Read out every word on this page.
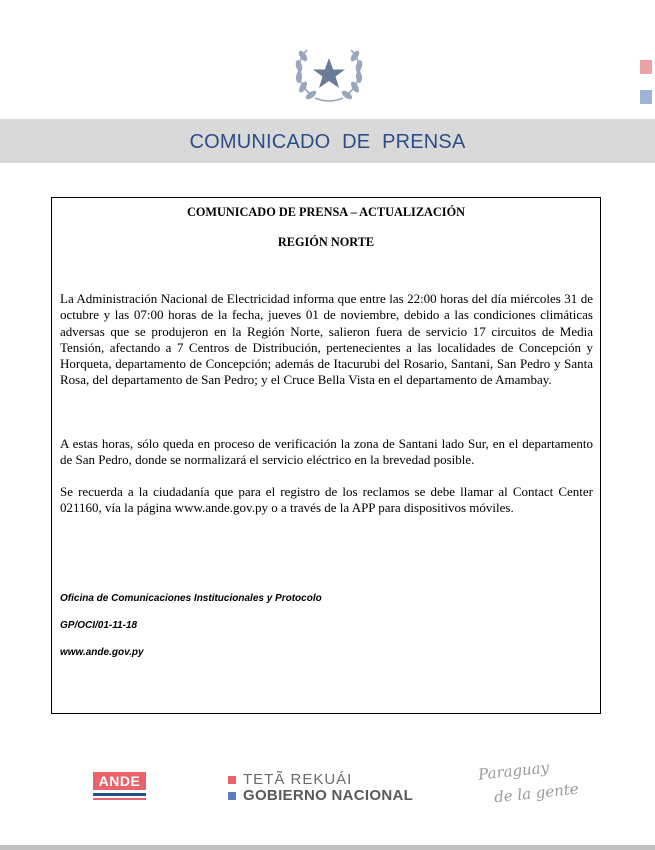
COMUNICADO DE PRENSA
COMUNICADO DE PRENSA – ACTUALIZACIÓN
REGIÓN NORTE

La Administración Nacional de Electricidad informa que entre las 22:00 horas del día miércoles 31 de octubre y las 07:00 horas de la fecha, jueves 01 de noviembre, debido a las condiciones climáticas adversas que se produjeron en la Región Norte, salieron fuera de servicio 17 circuitos de Media Tensión, afectando a 7 Centros de Distribución, pertenecientes a las localidades de Concepción y Horqueta, departamento de Concepción; además de Itacurubi del Rosario, Santani, San Pedro y Santa Rosa, del departamento de San Pedro; y el Cruce Bella Vista en el departamento de Amambay.

A estas horas, sólo queda en proceso de verificación la zona de Santani lado Sur, en el departamento de San Pedro, donde se normalizará el servicio eléctrico en la brevedad posible.

Se recuerda a la ciudadanía que para el registro de los reclamos se debe llamar al Contact Center 021160, vía la página www.ande.gov.py o a través de la APP para dispositivos móviles.

Oficina de Comunicaciones Institucionales y Protocolo
GP/OCI/01-11-18
www.ande.gov.py
ANDE	TETÃ REKUÁI
GOBIERNO NACIONAL
Paraguay
de la gente
